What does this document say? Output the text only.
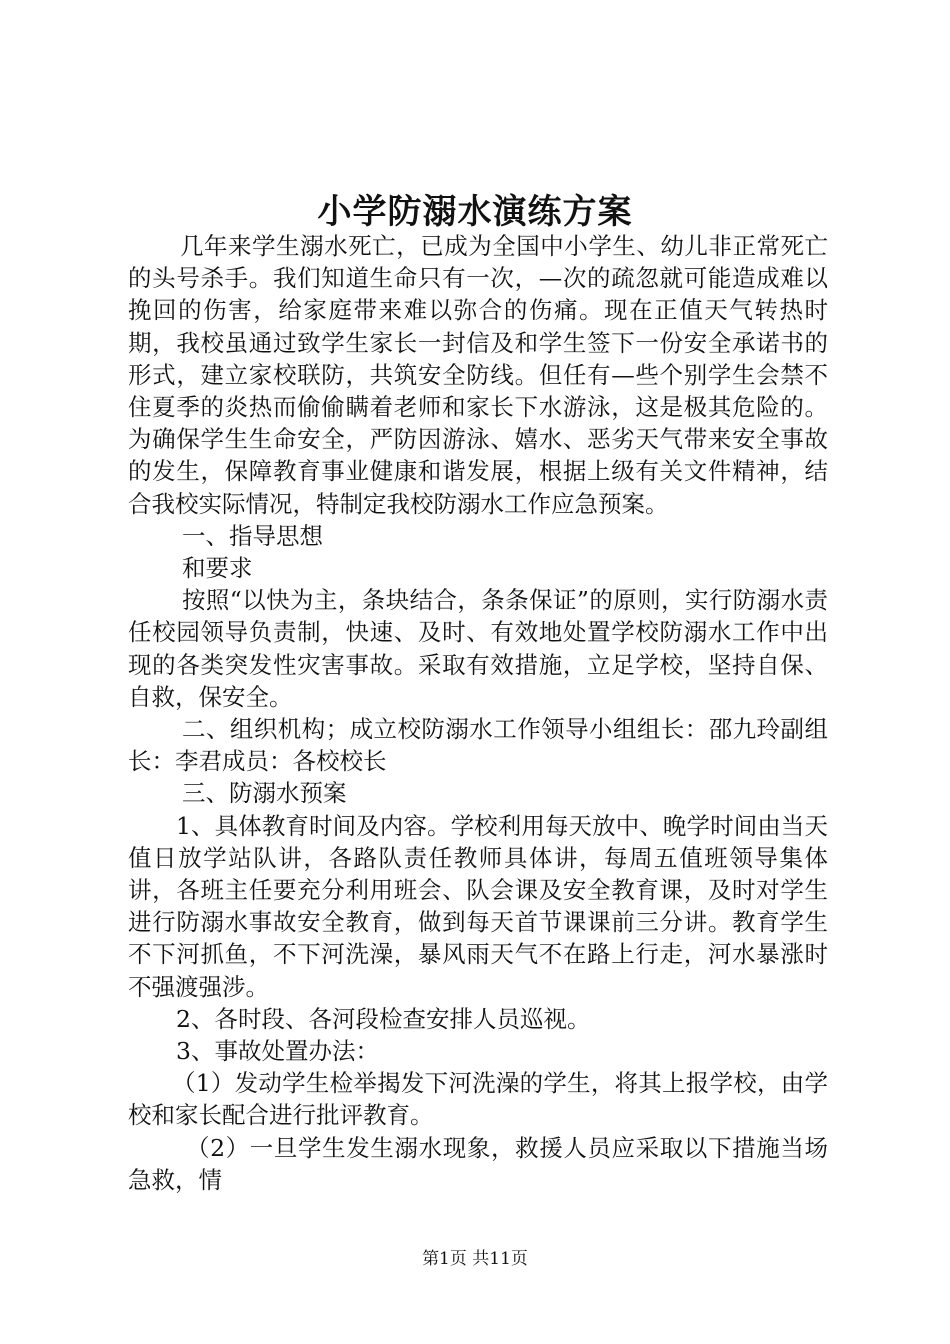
小学防溺水演练方案

几年来学生溺水死亡，已成为全国中小学生、幼儿非正常死亡的头号杀手。我们知道生命只有一次，—次的疏忽就可能造成难以挽回的伤害，给家庭带来难以弥合的伤痛。现在正值天气转热时期，我校虽通过致学生家长一封信及和学生签下一份安全承诺书的形式，建立家校联防，共筑安全防线。但任有—些个别学生会禁不住夏季的炎热而偷偷瞒着老师和家长下水游泳，这是极其危险的。为确保学生生命安全，严防因游泳、嬉水、恶劣天气带来安全事故的发生，保障教育事业健康和谐发展，根据上级有关文件精神，结合我校实际情况，特制定我校防溺水工作应急预案。

一、指导思想

和要求

按照“以快为主，条块结合，条条保证”的原则，实行防溺水责任校园领导负责制，快速、及时、有效地处置学校防溺水工作中出现的各类突发性灾害事故。采取有效措施，立足学校，坚持自保、自救，保安全。

二、组织机构；成立校防溺水工作领导小组组长：邵九玲副组长：李君成员：各校校长

三、防溺水预案

1、具体教育时间及内容。学校利用每天放中、晚学时间由当天值日放学站队讲，各路队责任教师具体讲，每周五值班领导集体讲，各班主任要充分利用班会、队会课及安全教育课，及时对学生进行防溺水事故安全教育，做到每天首节课课前三分讲。教育学生不下河抓鱼，不下河洗澡，暴风雨天气不在路上行走，河水暴涨时不强渡强涉。

2、各时段、各河段检查安排人员巡视。

3、事故处置办法：

（1）发动学生检举揭发下河洗澡的学生，将其上报学校，由学校和家长配合进行批评教育。

（2）一旦学生发生溺水现象，救援人员应采取以下措施当场急救，情

第1页 共11页
